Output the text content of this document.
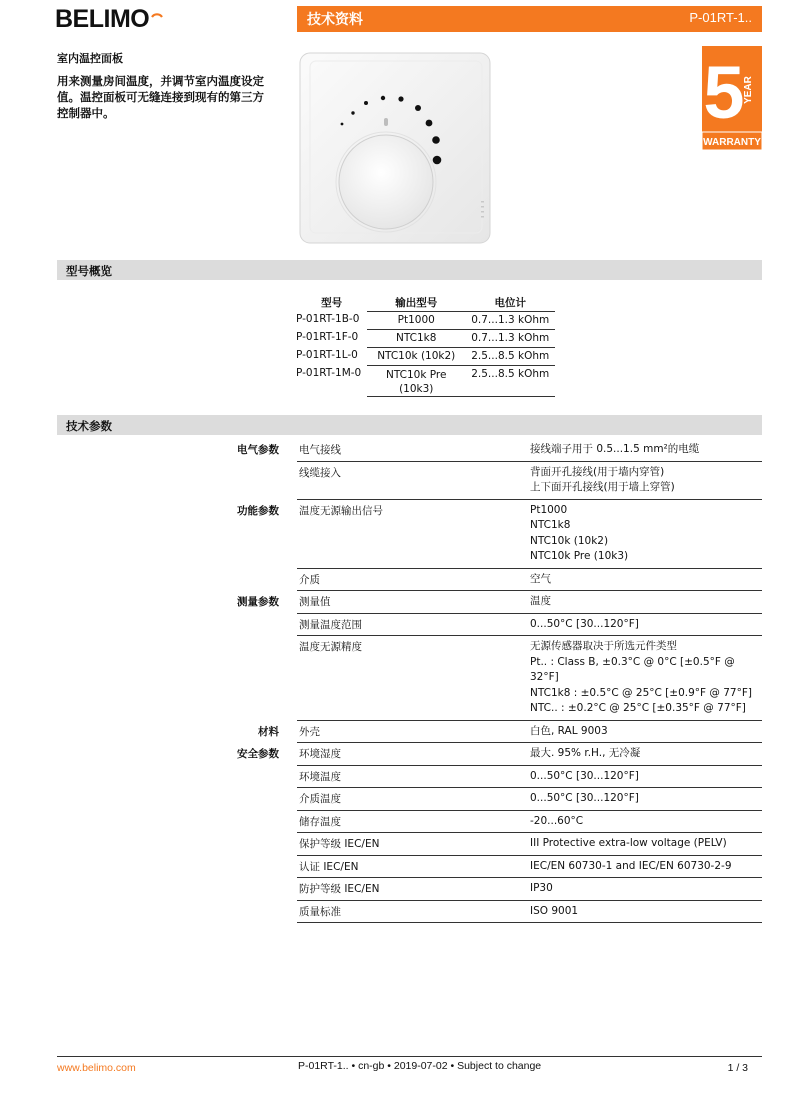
BELIMO	技术资料	P-01RT-1..
室内温控面板
用来测量房间温度，并调节室内温度设定值。温控面板可无缝连接到现有的第三方控制器中。	5
YEAR
WARRANTY
型号概览
型号	输出型号	电位计
P-01RT-1B-0	Pt1000	0.7...1.3 kOhm
P-01RT-1F-0	NTC1k8	0.7...1.3 kOhm
P-01RT-1L-0	NTC10k (10k2)	2.5...8.5 kOhm
P-01RT-1M-0	NTC10k Pre (10k3)	2.5...8.5 kOhm
技术参数
电气参数	电气接线	接线端子用于 0.5...1.5 mm²的电缆
线缆接入	背面开孔接线(用于墙内穿管)
上下面开孔接线(用于墙上穿管)
功能参数	温度无源输出信号	Pt1000
NTC1k8
NTC10k (10k2)
NTC10k Pre (10k3)
介质	空气
测量参数	测量值	温度
测量温度范围	0...50°C [30...120°F]
温度无源精度	无源传感器取决于所选元件类型
Pt.. : Class B, ±0.3°C @ 0°C [±0.5°F @ 32°F]
NTC1k8 : ±0.5°C @ 25°C [±0.9°F @ 77°F]
NTC.. : ±0.2°C @ 25°C [±0.35°F @ 77°F]
材料	外壳	白色, RAL 9003
安全参数	环境湿度	最大. 95% r.H., 无冷凝
环境温度	0...50°C [30...120°F]
介质温度	0...50°C [30...120°F]
储存温度	-20...60°C
保护等级 IEC/EN	III Protective extra-low voltage (PELV)
认证 IEC/EN	IEC/EN 60730-1 and IEC/EN 60730-2-9
防护等级 IEC/EN	IP30
质量标准	ISO 9001
www.belimo.com	P-01RT-1.. • cn-gb • 2019-07-02 • Subject to change	1 / 3
